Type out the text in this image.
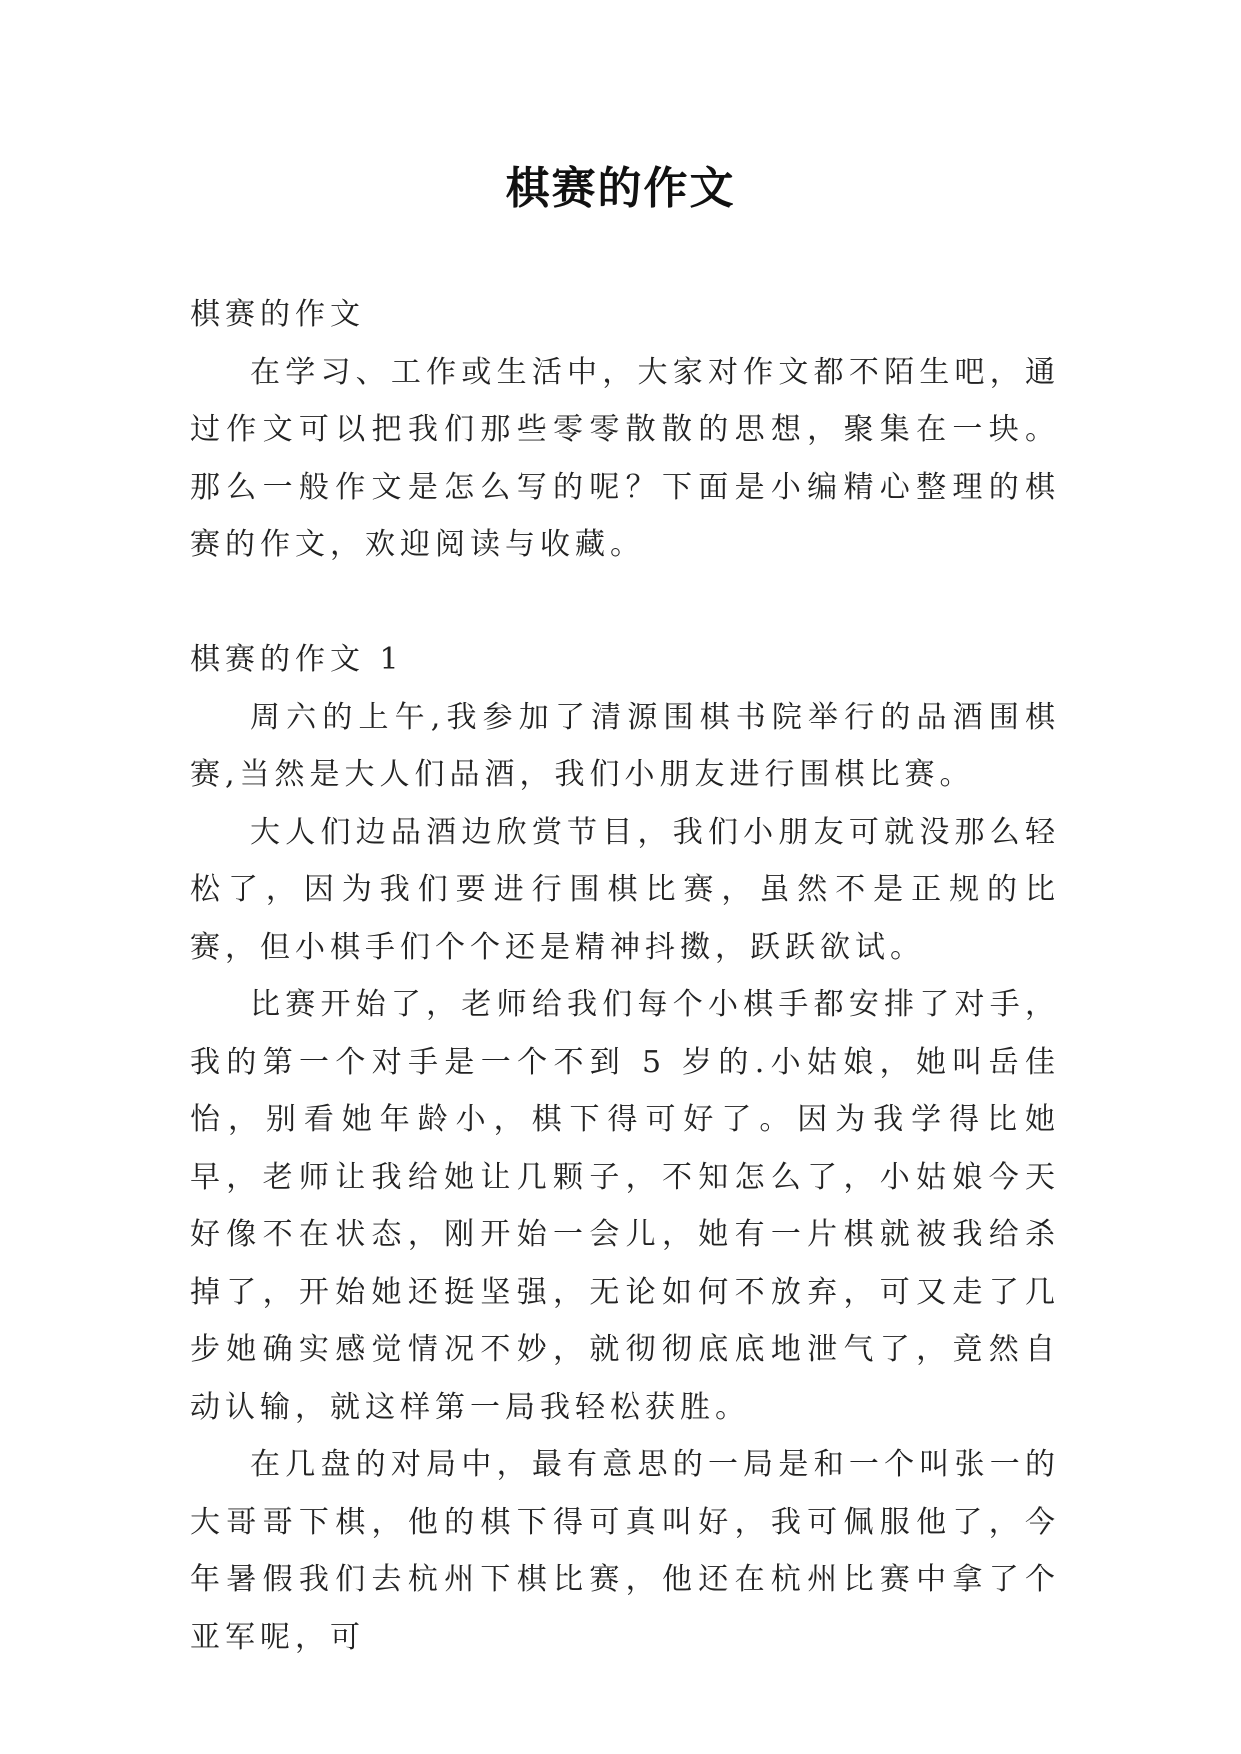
棋赛的作文

棋赛的作文

在学习、工作或生活中，大家对作文都不陌生吧，通过作文可以把我们那些零零散散的思想，聚集在一块。那么一般作文是怎么写的呢？下面是小编精心整理的棋赛的作文，欢迎阅读与收藏。

棋赛的作文 1

周六的上午,我参加了清源围棋书院举行的品酒围棋赛,当然是大人们品酒，我们小朋友进行围棋比赛。

大人们边品酒边欣赏节目，我们小朋友可就没那么轻松了，因为我们要进行围棋比赛，虽然不是正规的比赛，但小棋手们个个还是精神抖擞，跃跃欲试。

比赛开始了，老师给我们每个小棋手都安排了对手，我的第一个对手是一个不到 5 岁的.小姑娘，她叫岳佳怡，别看她年龄小，棋下得可好了。因为我学得比她早，老师让我给她让几颗子，不知怎么了，小姑娘今天好像不在状态，刚开始一会儿，她有一片棋就被我给杀掉了，开始她还挺坚强，无论如何不放弃，可又走了几步她确实感觉情况不妙，就彻彻底底地泄气了，竟然自动认输，就这样第一局我轻松获胜。

在几盘的对局中，最有意思的一局是和一个叫张一的大哥哥下棋，他的棋下得可真叫好，我可佩服他了，今年暑假我们去杭州下棋比赛，他还在杭州比赛中拿了个亚军呢，可
